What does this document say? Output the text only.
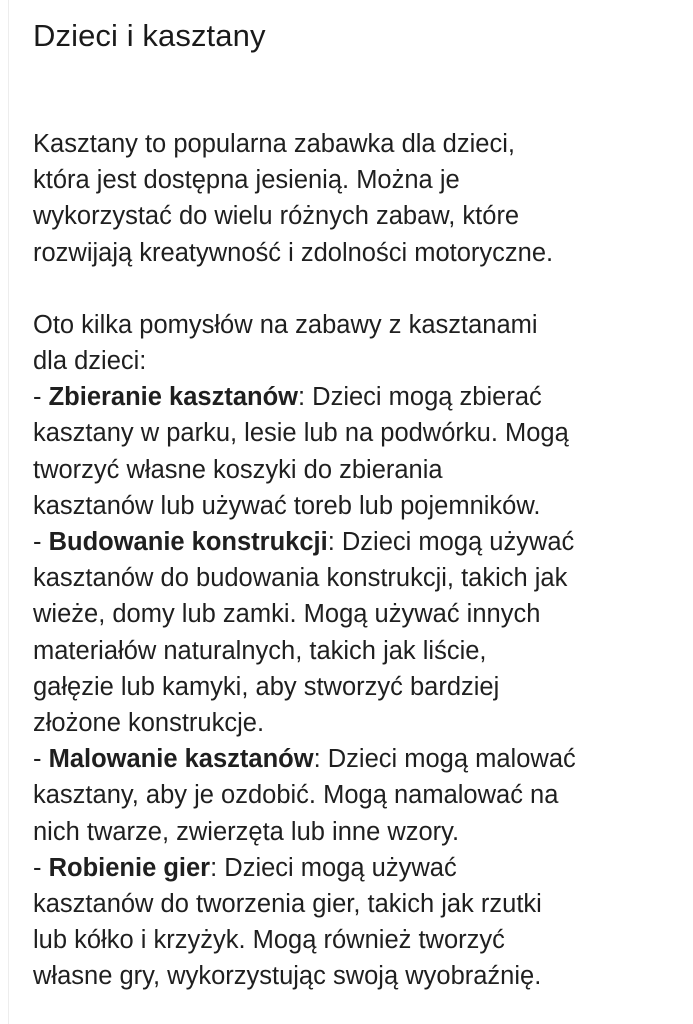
Dzieci i kasztany

Kasztany to popularna zabawka dla dzieci,
która jest dostępna jesienią. Można je
wykorzystać do wielu różnych zabaw, które
rozwijają kreatywność i zdolności motoryczne.

Oto kilka pomysłów na zabawy z kasztanami
dla dzieci:

- Zbieranie kasztanów: Dzieci mogą zbierać
kasztany w parku, lesie lub na podwórku. Mogą
tworzyć własne koszyki do zbierania
kasztanów lub używać toreb lub pojemników.
- Budowanie konstrukcji: Dzieci mogą używać
kasztanów do budowania konstrukcji, takich jak
wieże, domy lub zamki. Mogą używać innych
materiałów naturalnych, takich jak liście,
gałęzie lub kamyki, aby stworzyć bardziej
złożone konstrukcje.
- Malowanie kasztanów: Dzieci mogą malować
kasztany, aby je ozdobić. Mogą namalować na
nich twarze, zwierzęta lub inne wzory.
- Robienie gier: Dzieci mogą używać
kasztanów do tworzenia gier, takich jak rzutki
lub kółko i krzyżyk. Mogą również tworzyć
własne gry, wykorzystując swoją wyobraźnię.
